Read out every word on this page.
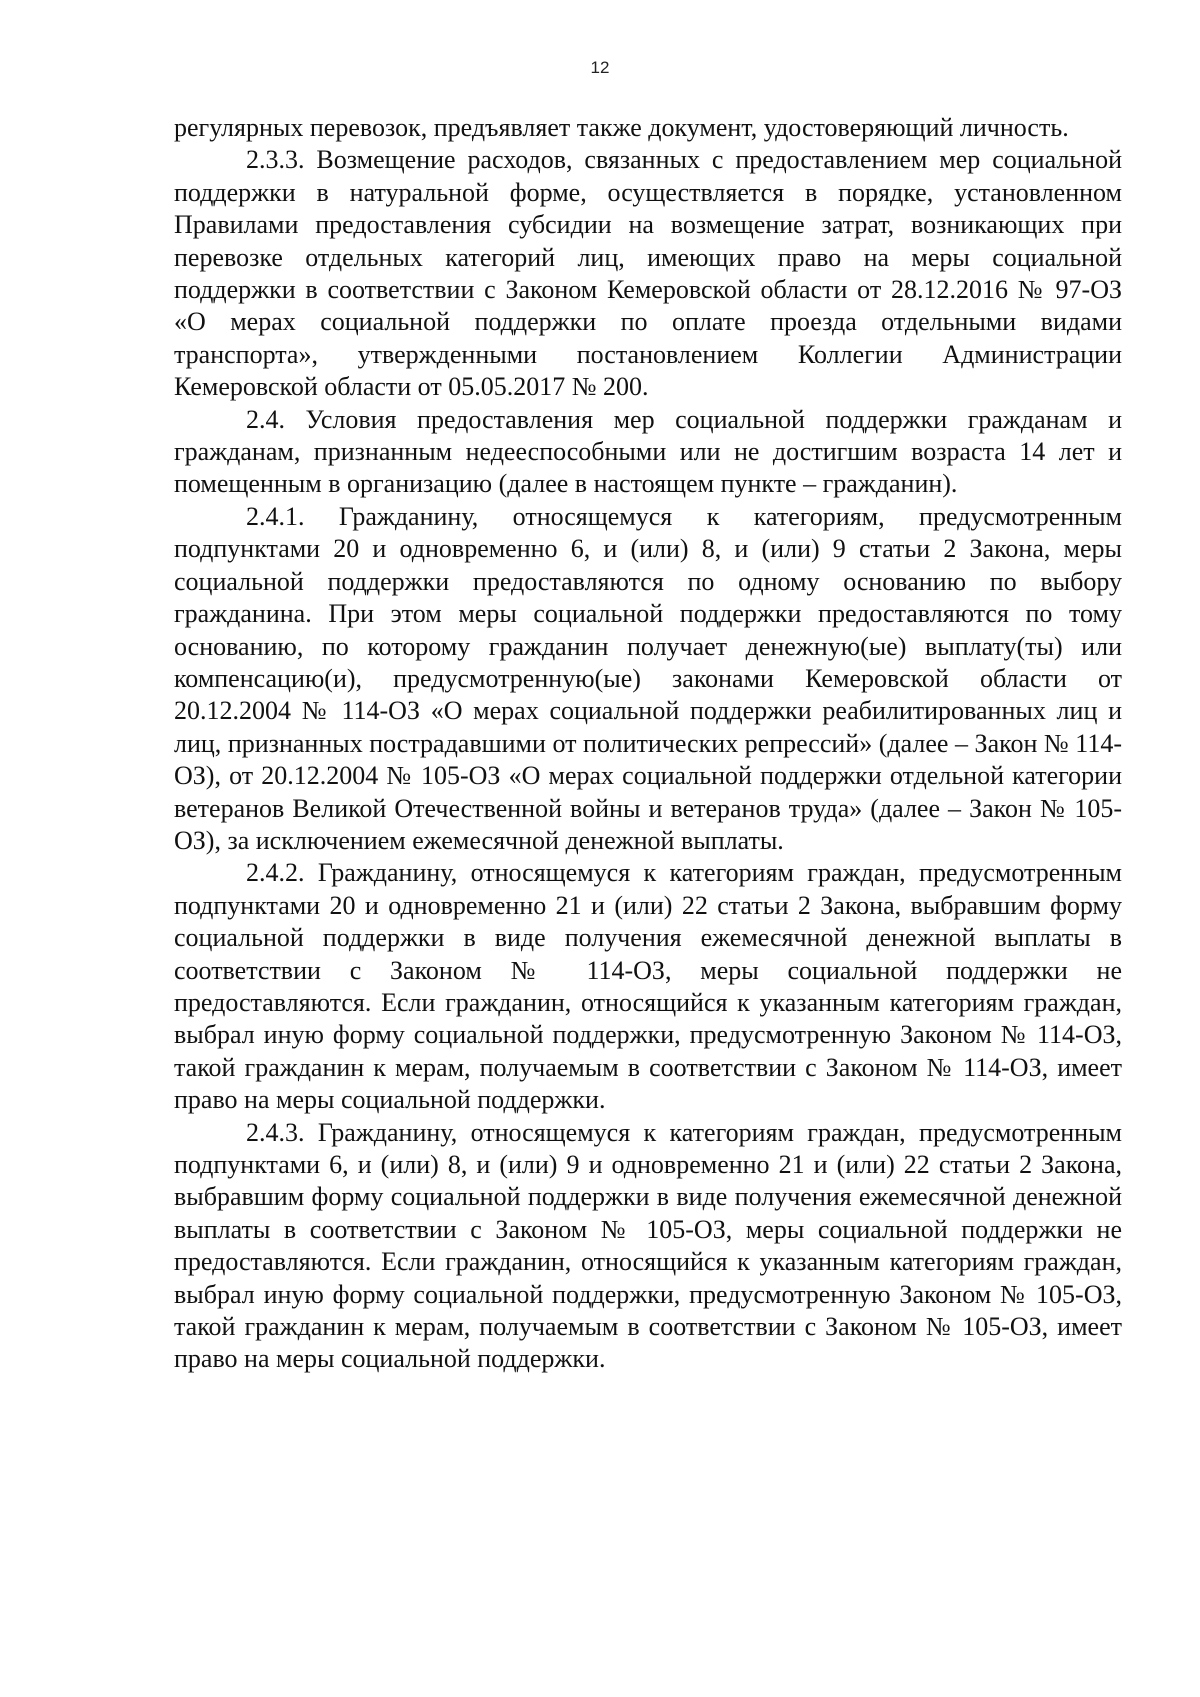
12

регулярных перевозок, предъявляет также документ, удостоверяющий личность.

2.3.3. Возмещение расходов, связанных с предоставлением мер социальной поддержки в натуральной форме, осуществляется в порядке, установленном Правилами предоставления субсидии на возмещение затрат, возникающих при перевозке отдельных категорий лиц, имеющих право на меры социальной поддержки в соответствии с Законом Кемеровской области от 28.12.2016 № 97-ОЗ «О мерах социальной поддержки по оплате проезда отдельными видами транспорта», утвержденными постановлением Коллегии Администрации Кемеровской области от 05.05.2017 № 200.

2.4. Условия предоставления мер социальной поддержки гражданам и гражданам, признанным недееспособными или не достигшим возраста 14 лет и помещенным в организацию (далее в настоящем пункте – гражданин).

2.4.1. Гражданину, относящемуся к категориям, предусмотренным подпунктами 20 и одновременно 6, и (или) 8, и (или) 9 статьи 2 Закона, меры социальной поддержки предоставляются по одному основанию по выбору гражданина. При этом меры социальной поддержки предоставляются по тому основанию, по которому гражданин получает денежную(ые) выплату(ты) или компенсацию(и), предусмотренную(ые) законами Кемеровской области от 20.12.2004 № 114-ОЗ «О мерах социальной поддержки реабилитированных лиц и лиц, признанных пострадавшими от политических репрессий» (далее – Закон № 114-ОЗ), от 20.12.2004 № 105-ОЗ «О мерах социальной поддержки отдельной категории ветеранов Великой Отечественной войны и ветеранов труда» (далее – Закон № 105-ОЗ), за исключением ежемесячной денежной выплаты.

2.4.2. Гражданину, относящемуся к категориям граждан, предусмотренным подпунктами 20 и одновременно 21 и (или) 22 статьи 2 Закона, выбравшим форму социальной поддержки в виде получения ежемесячной денежной выплаты в соответствии с Законом № 114-ОЗ, меры социальной поддержки не предоставляются. Если гражданин, относящийся к указанным категориям граждан, выбрал иную форму социальной поддержки, предусмотренную Законом № 114-ОЗ, такой гражданин к мерам, получаемым в соответствии с Законом № 114-ОЗ, имеет право на меры социальной поддержки.

2.4.3. Гражданину, относящемуся к категориям граждан, предусмотренным подпунктами 6, и (или) 8, и (или) 9 и одновременно 21 и (или) 22 статьи 2 Закона, выбравшим форму социальной поддержки в виде получения ежемесячной денежной выплаты в соответствии с Законом № 105-ОЗ, меры социальной поддержки не предоставляются. Если гражданин, относящийся к указанным категориям граждан, выбрал иную форму социальной поддержки, предусмотренную Законом № 105-ОЗ, такой гражданин к мерам, получаемым в соответствии с Законом № 105-ОЗ, имеет право на меры социальной поддержки.
